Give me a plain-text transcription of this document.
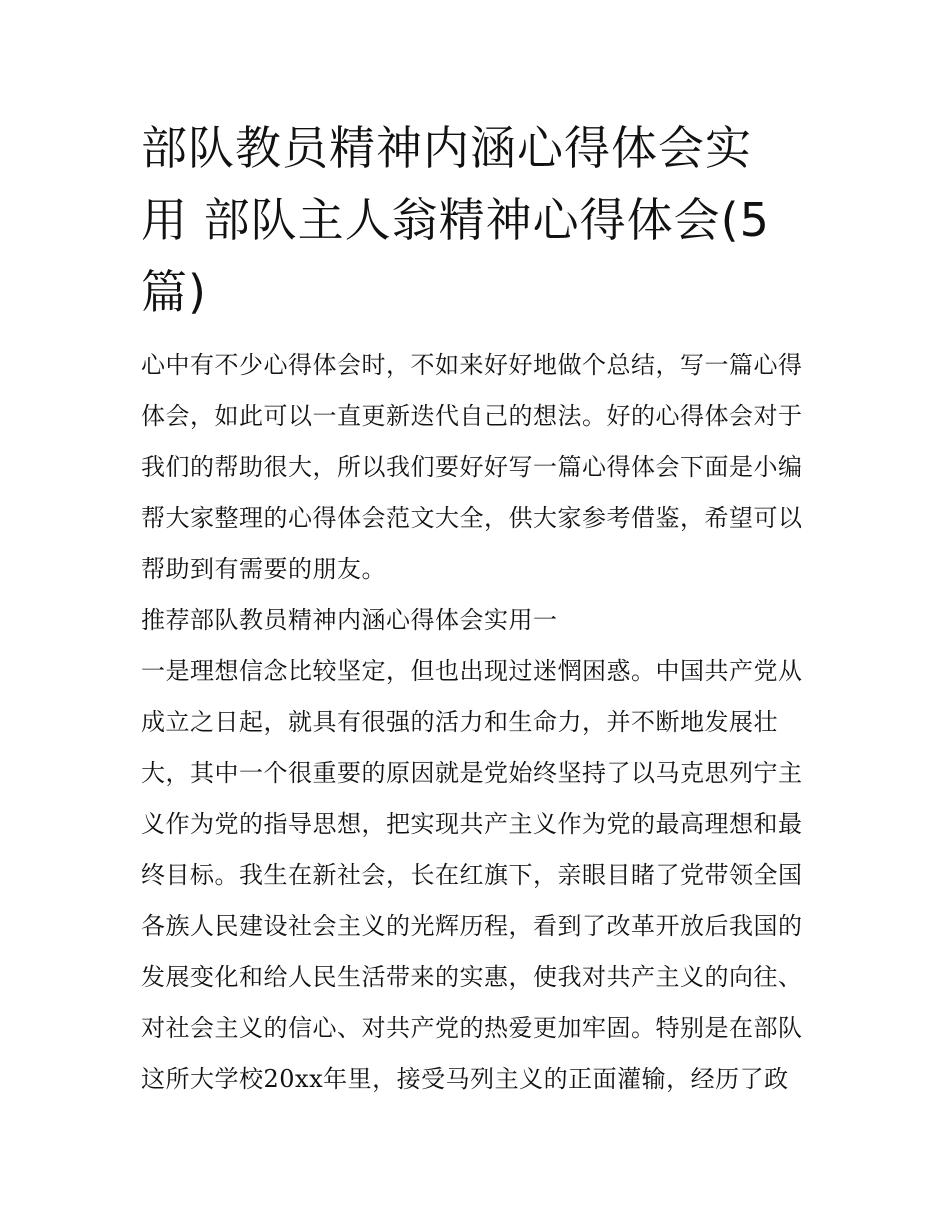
部队教员精神内涵心得体会实
用 部队主人翁精神心得体会(5
篇)
心中有不少心得体会时，不如来好好地做个总结，写一篇心得
体会，如此可以一直更新迭代自己的想法。好的心得体会对于
我们的帮助很大，所以我们要好好写一篇心得体会下面是小编
帮大家整理的心得体会范文大全，供大家参考借鉴，希望可以
帮助到有需要的朋友。
推荐部队教员精神内涵心得体会实用一
一是理想信念比较坚定，但也出现过迷惘困惑。中国共产党从
成立之日起，就具有很强的活力和生命力，并不断地发展壮
大，其中一个很重要的原因就是党始终坚持了以马克思列宁主
义作为党的指导思想，把实现共产主义作为党的最高理想和最
终目标。我生在新社会，长在红旗下，亲眼目睹了党带领全国
各族人民建设社会主义的光辉历程，看到了改革开放后我国的
发展变化和给人民生活带来的实惠，使我对共产主义的向往、
对社会主义的信心、对共产党的热爱更加牢固。特别是在部队
这所大学校20xx年里，接受马列主义的正面灌输，经历了政
